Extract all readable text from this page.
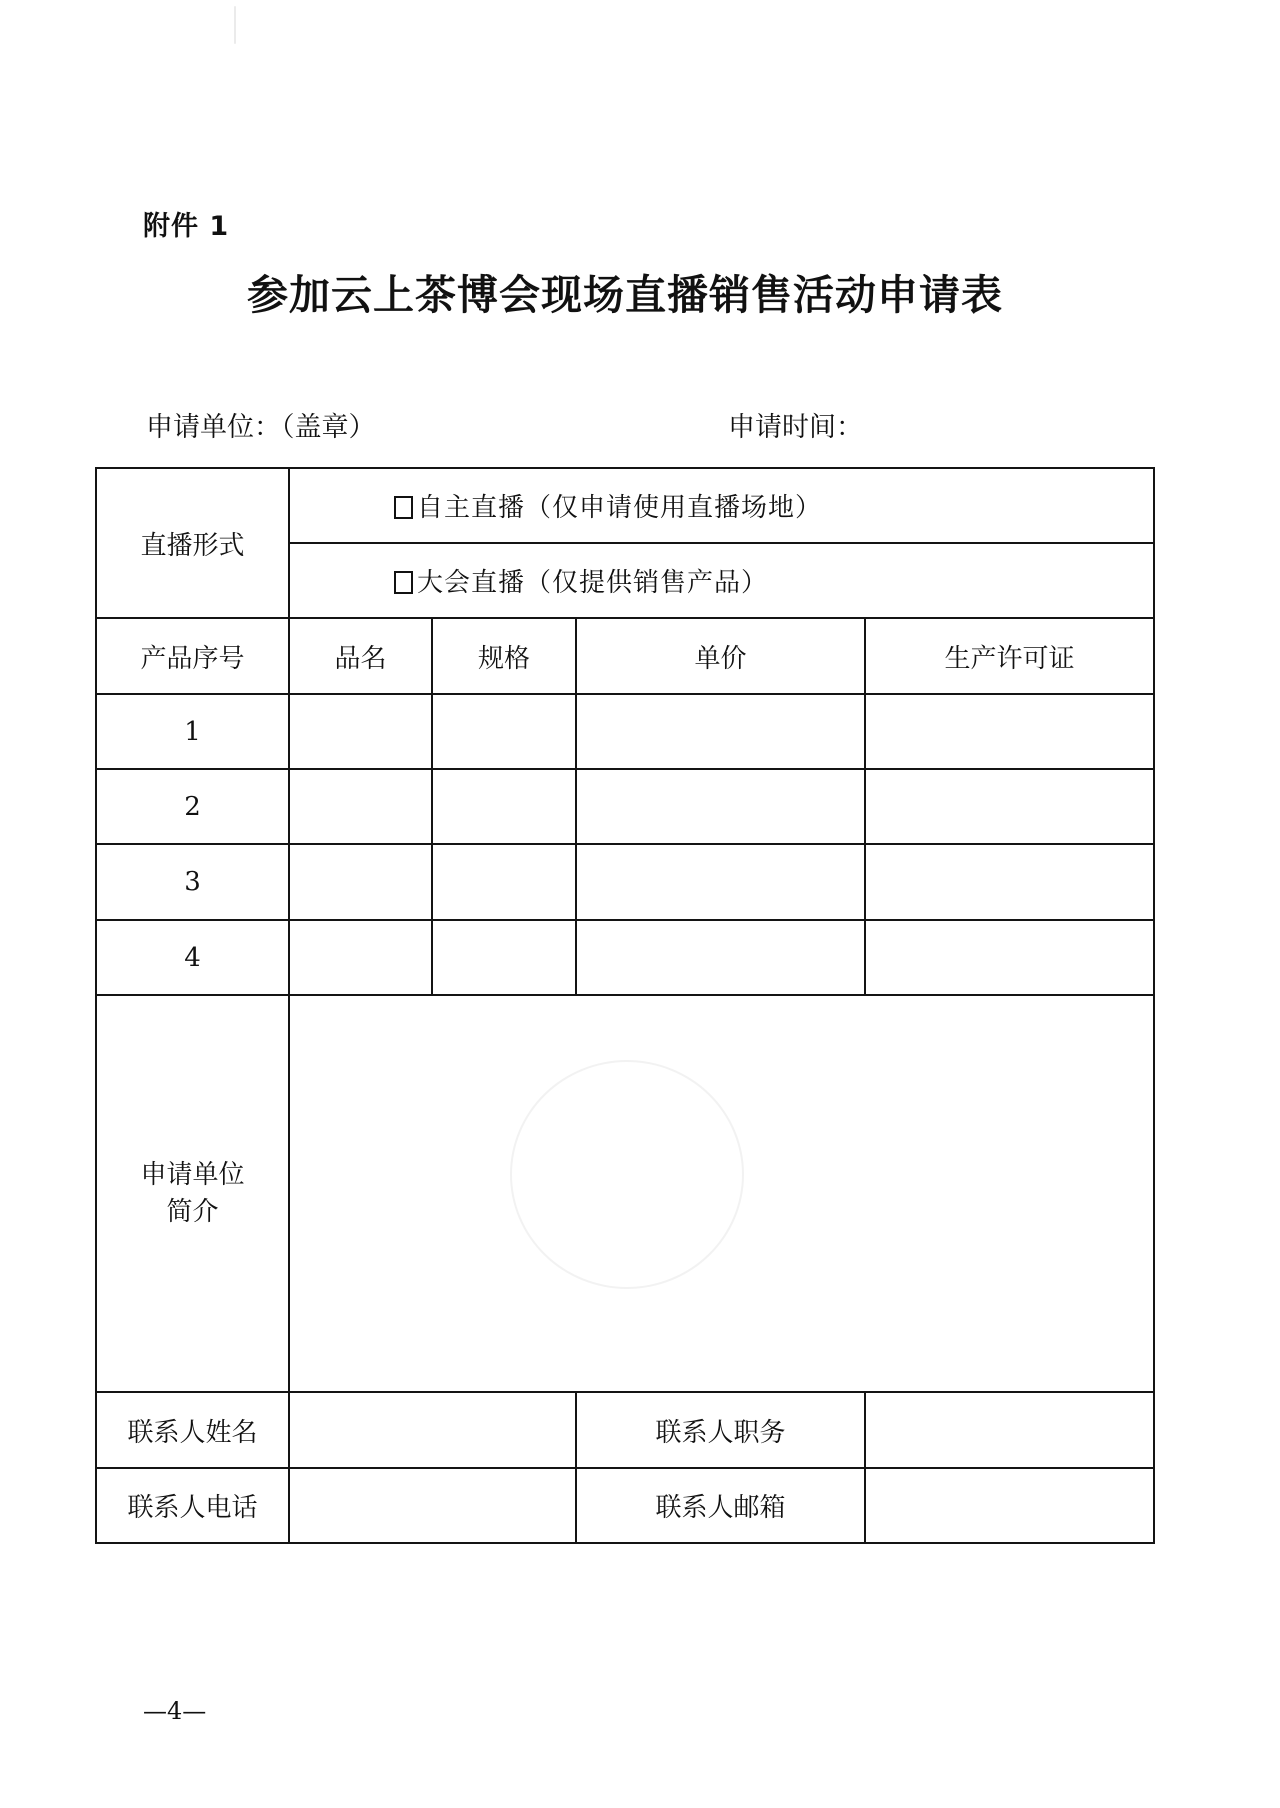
附件 1
参加云上茶博会现场直播销售活动申请表
申请单位：（盖章）	申请时间：
直播形式	自主直播（仅申请使用直播场地）			
	大会直播（仅提供销售产品）			
产品序号	品名	规格	单价	生产许可证
1				
2				
3				
4				

申请单位
简介				

联系人姓名			联系人职务	
联系人电话			联系人邮箱	
—4—
